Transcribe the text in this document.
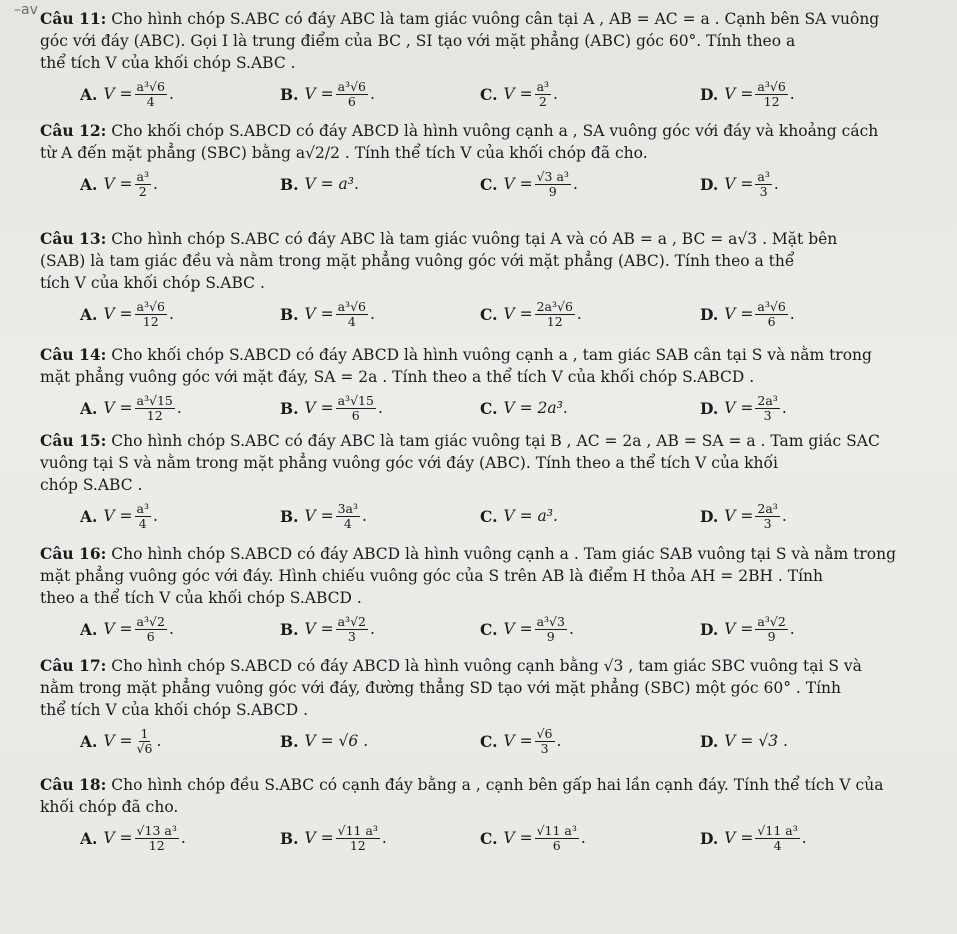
–av Câu 11: Cho hình chóp S.ABC có đáy ABC là tam giác vuông cân tại A , AB = AC = a . Cạnh bên SA vuông
góc với đáy (ABC). Gọi I là trung điểm của BC , SI tạo với mặt phẳng (ABC) góc 60°. Tính theo a
thể tích V của khối chóp S.ABC .
A. $V = \frac{\text{a³√6}}{4}$ .	B. $V = \frac{\text{a³√6}}{6}$ .	C. $V = \frac{\text{a³}}{2}$ .	D. $V = \frac{\text{a³√6}}{12}$ .
Câu 12: Cho khối chóp S.ABCD có đáy ABCD là hình vuông cạnh a , SA vuông góc với đáy và khoảng cách
từ A đến mặt phẳng (SBC) bằng a√2/2 . Tính thể tích V của khối chóp đã cho.
A. $V = \frac{\text{a³}}{2}$ .	B. V = a³.	C. $V = \frac{\text{√3 a³}}{9}$ .	D. $V = \frac{\text{a³}}{3}$ .
Câu 13: Cho hình chóp S.ABC có đáy ABC là tam giác vuông tại A và có AB = a , BC = a√3 . Mặt bên
(SAB) là tam giác đều và nằm trong mặt phẳng vuông góc với mặt phẳng (ABC). Tính theo a thể
tích V của khối chóp S.ABC .
A. $V = \frac{\text{a³√6}}{12}$ .	B. $V = \frac{\text{a³√6}}{4}$ .	C. $V = \frac{\text{2a³√6}}{12}$ .	D. $V = \frac{\text{a³√6}}{6}$ .
Câu 14: Cho khối chóp S.ABCD có đáy ABCD là hình vuông cạnh a , tam giác SAB cân tại S và nằm trong
mặt phẳng vuông góc với mặt đáy, SA = 2a . Tính theo a thể tích V của khối chóp S.ABCD .
A. $V = \frac{\text{a³√15}}{12}$ .	B. $V = \frac{\text{a³√15}}{6}$ .	C. V = 2a³.	D. $V = \frac{\text{2a³}}{3}$ .
Câu 15: Cho hình chóp S.ABC có đáy ABC là tam giác vuông tại B , AC = 2a , AB = SA = a . Tam giác SAC
vuông tại S và nằm trong mặt phẳng vuông góc với đáy (ABC). Tính theo a thể tích V của khối
chóp S.ABC .
A. $V = \frac{\text{a³}}{4}$ .	B. $V = \frac{\text{3a³}}{4}$ .	C. V = a³.	D. $V = \frac{\text{2a³}}{3}$ .
Câu 16: Cho hình chóp S.ABCD có đáy ABCD là hình vuông cạnh a . Tam giác SAB vuông tại S và nằm trong
mặt phẳng vuông góc với đáy. Hình chiếu vuông góc của S trên AB là điểm H thỏa AH = 2BH . Tính
theo a thể tích V của khối chóp S.ABCD .
A. $V = \frac{\text{a³√2}}{6}$ .	B. $V = \frac{\text{a³√2}}{3}$ .	C. $V = \frac{\text{a³√3}}{9}$ .	D. $V = \frac{\text{a³√2}}{9}$ .
Câu 17: Cho hình chóp S.ABCD có đáy ABCD là hình vuông cạnh bằng √3 , tam giác SBC vuông tại S và
nằm trong mặt phẳng vuông góc với đáy, đường thẳng SD tạo với mặt phẳng (SBC) một góc 60° . Tính
thể tích V của khối chóp S.ABCD .
A. $V = \frac{1}{√6}$ .	B. V = √6 .	C. $V = \frac{√6}{3}$ .	D. V = √3 .
Câu 18: Cho hình chóp đều S.ABC có cạnh đáy bằng a , cạnh bên gấp hai lần cạnh đáy. Tính thể tích V của
khối chóp đã cho.
A. $V = \frac{\text{√13 a³}}{12}$ .	B. $V = \frac{\text{√11 a³}}{12}$ .	C. $V = \frac{\text{√11 a³}}{6}$ .	D. $V = \frac{\text{√11 a³}}{4}$ .
